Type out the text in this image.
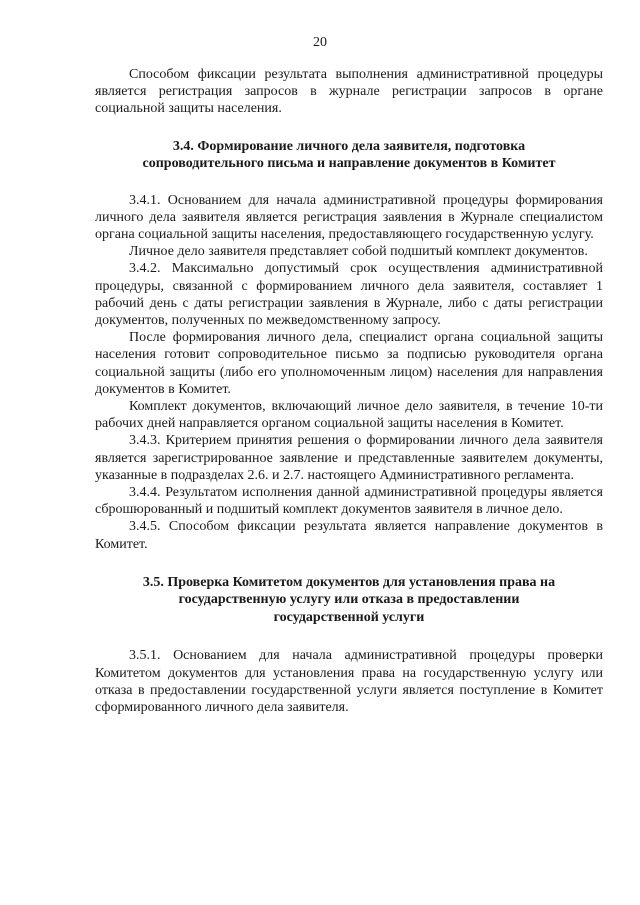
20

Способом фиксации результата выполнения административной процедуры является регистрация запросов в журнале регистрации запросов в органе социальной защиты населения.

3.4. Формирование личного дела заявителя, подготовка сопроводительного письма и направление документов в Комитет

3.4.1. Основанием для начала административной процедуры формирования личного дела заявителя является регистрация заявления в Журнале специалистом органа социальной защиты населения, предоставляющего государственную услугу.

Личное дело заявителя представляет собой подшитый комплект документов.

3.4.2. Максимально допустимый срок осуществления административной процедуры, связанной с формированием личного дела заявителя, составляет 1 рабочий день с даты регистрации заявления в Журнале, либо с даты регистрации документов, полученных по межведомственному запросу.

После формирования личного дела, специалист органа социальной защиты населения готовит сопроводительное письмо за подписью руководителя органа социальной защиты (либо его уполномоченным лицом) населения для направления документов в Комитет.

Комплект документов, включающий личное дело заявителя, в течение 10-ти рабочих дней направляется органом социальной защиты населения в Комитет.

3.4.3. Критерием принятия решения о формировании личного дела заявителя является зарегистрированное заявление и представленные заявителем документы, указанные в подразделах 2.6. и 2.7. настоящего Административного регламента.

3.4.4. Результатом исполнения данной административной процедуры является сброшюрованный и подшитый комплект документов заявителя в личное дело.

3.4.5. Способом фиксации результата является направление документов в Комитет.

3.5. Проверка Комитетом документов для установления права на государственную услугу или отказа в предоставлении государственной услуги

3.5.1. Основанием для начала административной процедуры проверки Комитетом документов для установления права на государственную услугу или отказа в предоставлении государственной услуги является поступление в Комитет сформированного личного дела заявителя.
